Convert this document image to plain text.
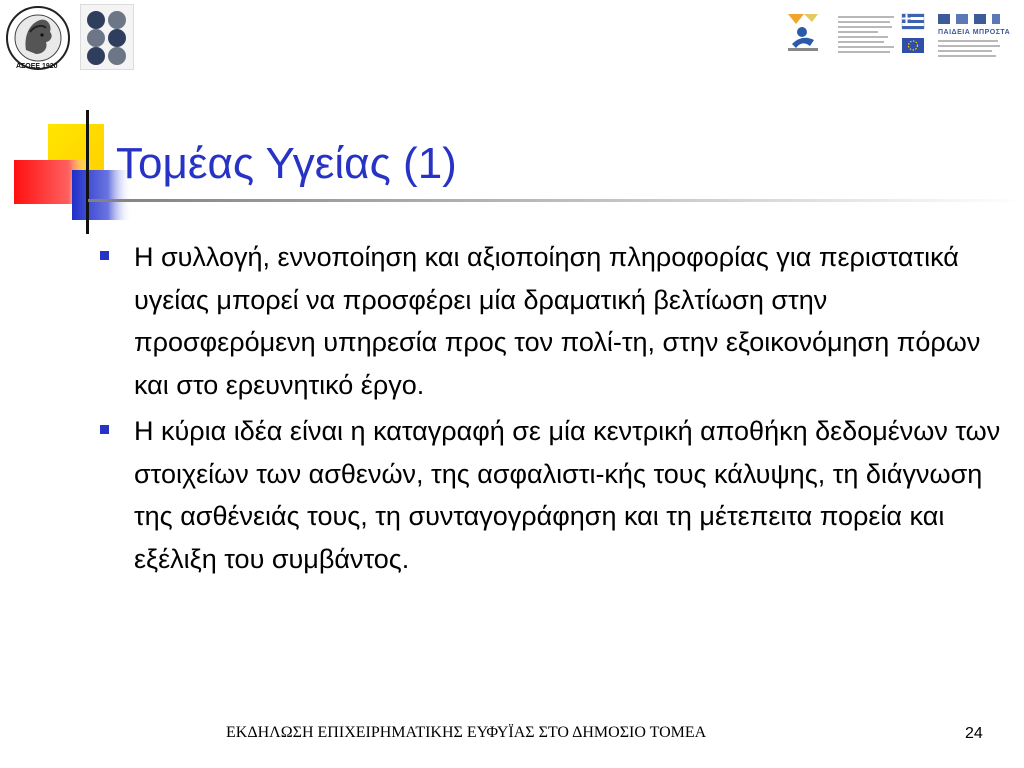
ΑΣΟΕΕ 1920
ΠΑΙΔΕΙΑ ΜΠΡΟΣΤΑ
Τομέας Υγείας (1)

Η συλλογή, εννοποίηση και αξιοποίηση πληροφορίας για περιστατικά υγείας μπορεί να προσφέρει μία δραματική βελτίωση στην προσφερόμενη υπηρεσία προς τον πολί-τη, στην εξοικονόμηση πόρων και στο ερευνητικό έργο.

Η κύρια ιδέα είναι η καταγραφή σε μία κεντρική αποθήκη δεδομένων των στοιχείων των ασθενών, της ασφαλιστι-κής τους κάλυψης, τη διάγνωση της ασθένειάς τους, τη συνταγογράφηση και τη μέτεπειτα πορεία και εξέλιξη του συμβάντος.

ΕΚΔΗΛΩΣΗ ΕΠΙΧΕΙΡΗΜΑΤΙΚΗΣ ΕΥΦΥΪΑΣ ΣΤΟ ΔΗΜΟΣΙΟ ΤΟΜΕΑ	24
